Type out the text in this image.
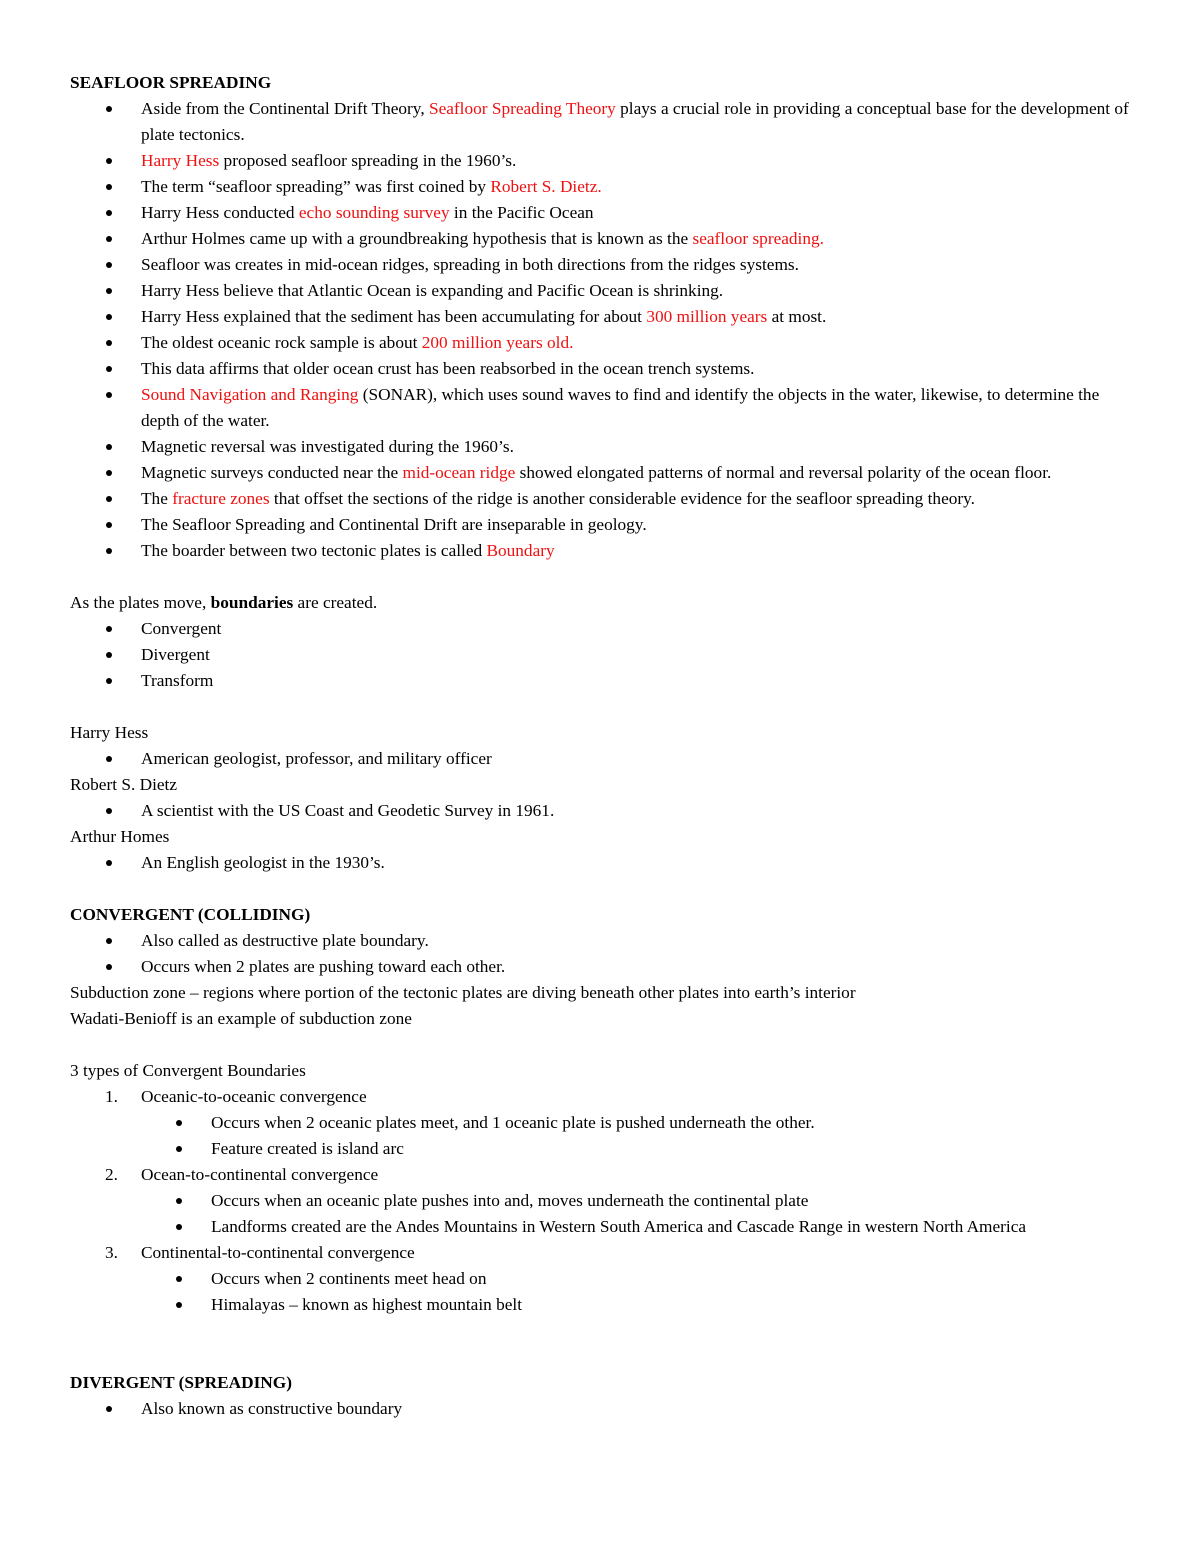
SEAFLOOR SPREADING
Aside from the Continental Drift Theory, Seafloor Spreading Theory plays a crucial role in providing a conceptual base for the development of plate tectonics.
Harry Hess proposed seafloor spreading in the 1960’s.
The term “seafloor spreading” was first coined by Robert S. Dietz.
Harry Hess conducted echo sounding survey in the Pacific Ocean
Arthur Holmes came up with a groundbreaking hypothesis that is known as the seafloor spreading.
Seafloor was creates in mid-ocean ridges, spreading in both directions from the ridges systems.
Harry Hess believe that Atlantic Ocean is expanding and Pacific Ocean is shrinking.
Harry Hess explained that the sediment has been accumulating for about 300 million years at most.
The oldest oceanic rock sample is about 200 million years old.
This data affirms that older ocean crust has been reabsorbed in the ocean trench systems.
Sound Navigation and Ranging (SONAR), which uses sound waves to find and identify the objects in the water, likewise, to determine the depth of the water.
Magnetic reversal was investigated during the 1960’s.
Magnetic surveys conducted near the mid-ocean ridge showed elongated patterns of normal and reversal polarity of the ocean floor.
The fracture zones that offset the sections of the ridge is another considerable evidence for the seafloor spreading theory.
The Seafloor Spreading and Continental Drift are inseparable in geology.
The boarder between two tectonic plates is called Boundary
As the plates move, boundaries are created.
Convergent
Divergent
Transform
Harry Hess
American geologist, professor, and military officer
Robert S. Dietz
A scientist with the US Coast and Geodetic Survey in 1961.
Arthur Homes
An English geologist in the 1930’s.
CONVERGENT (COLLIDING)
Also called as destructive plate boundary.
Occurs when 2 plates are pushing toward each other.
Subduction zone – regions where portion of the tectonic plates are diving beneath other plates into earth’s interior
Wadati-Benioff is an example of subduction zone
3 types of Convergent Boundaries
1. Oceanic-to-oceanic convergence
Occurs when 2 oceanic plates meet, and 1 oceanic plate is pushed underneath the other.
Feature created is island arc
2. Ocean-to-continental convergence
Occurs when an oceanic plate pushes into and, moves underneath the continental plate
Landforms created are the Andes Mountains in Western South America and Cascade Range in western North America
3. Continental-to-continental convergence
Occurs when 2 continents meet head on
Himalayas – known as highest mountain belt
DIVERGENT (SPREADING)
Also known as constructive boundary
